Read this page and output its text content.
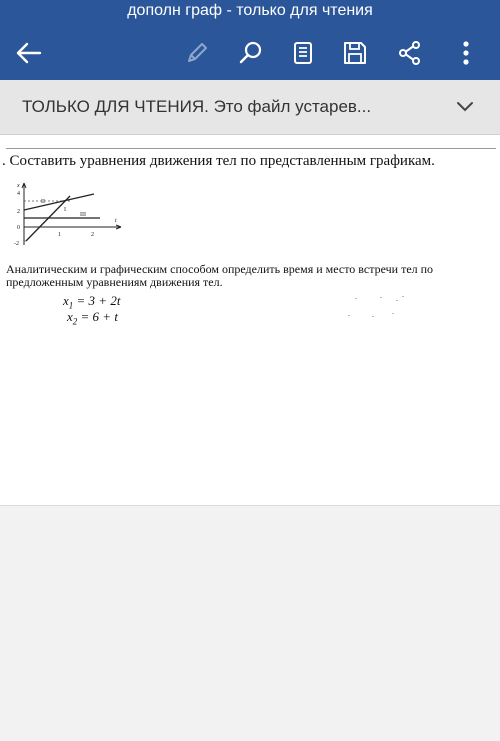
дополн граф - только для чтения
ТОЛЬКО ДЛЯ ЧТЕНИЯ. Это файл устарев...
. Составить уравнения движения тел по представленным графикам.
x
4
2
0
-2
1	2
t
I
II
III
Аналитическим и графическим способом определить время и место встречи тел по предложенным уравнениям движения тел.
$x_1 = 3 + 2t$
$x_2 = 6 + t$
